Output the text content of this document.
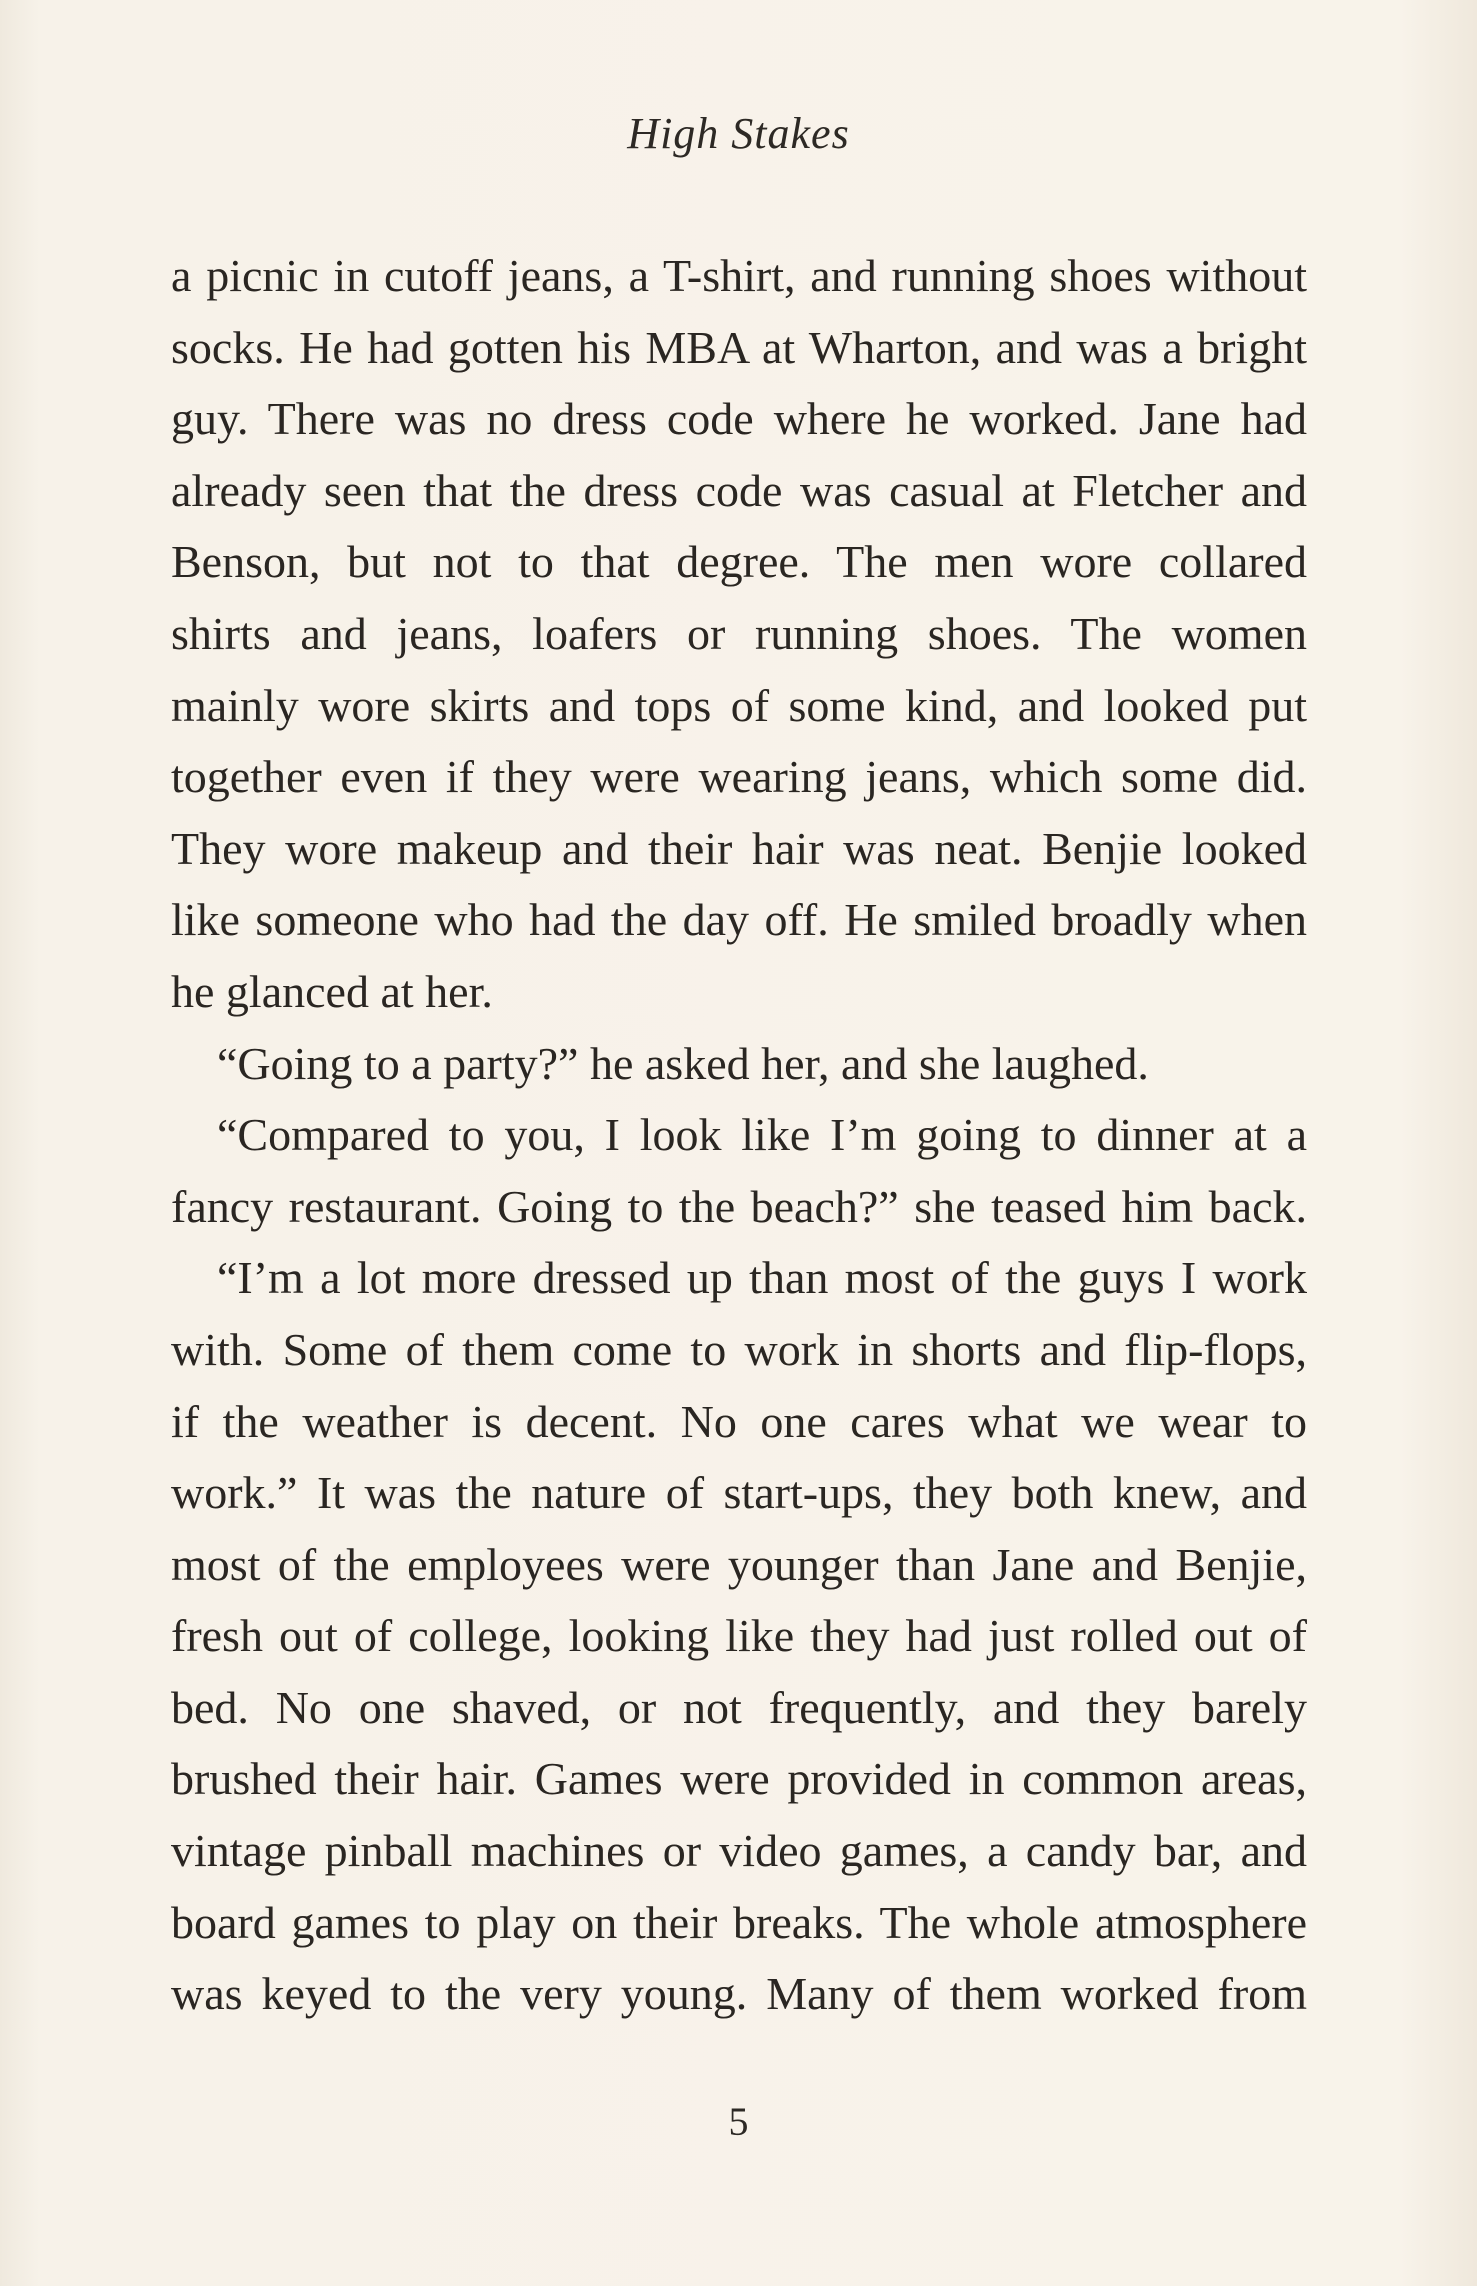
High Stakes
a picnic in cutoff jeans, a T-shirt, and running shoes without
socks. He had gotten his MBA at Wharton, and was a bright
guy. There was no dress code where he worked. Jane had
already seen that the dress code was casual at Fletcher and
Benson, but not to that degree. The men wore collared
shirts and jeans, loafers or running shoes. The women
mainly wore skirts and tops of some kind, and looked put
together even if they were wearing jeans, which some did.
They wore makeup and their hair was neat. Benjie looked
like someone who had the day off. He smiled broadly when
he glanced at her.
“Going to a party?” he asked her, and she laughed.
“Compared to you, I look like I’m going to dinner at a
fancy restaurant. Going to the beach?” she teased him back.
“I’m a lot more dressed up than most of the guys I work
with. Some of them come to work in shorts and flip-flops,
if the weather is decent. No one cares what we wear to
work.” It was the nature of start-ups, they both knew, and
most of the employees were younger than Jane and Benjie,
fresh out of college, looking like they had just rolled out of
bed. No one shaved, or not frequently, and they barely
brushed their hair. Games were provided in common areas,
vintage pinball machines or video games, a candy bar, and
board games to play on their breaks. The whole atmosphere
was keyed to the very young. Many of them worked from
5
